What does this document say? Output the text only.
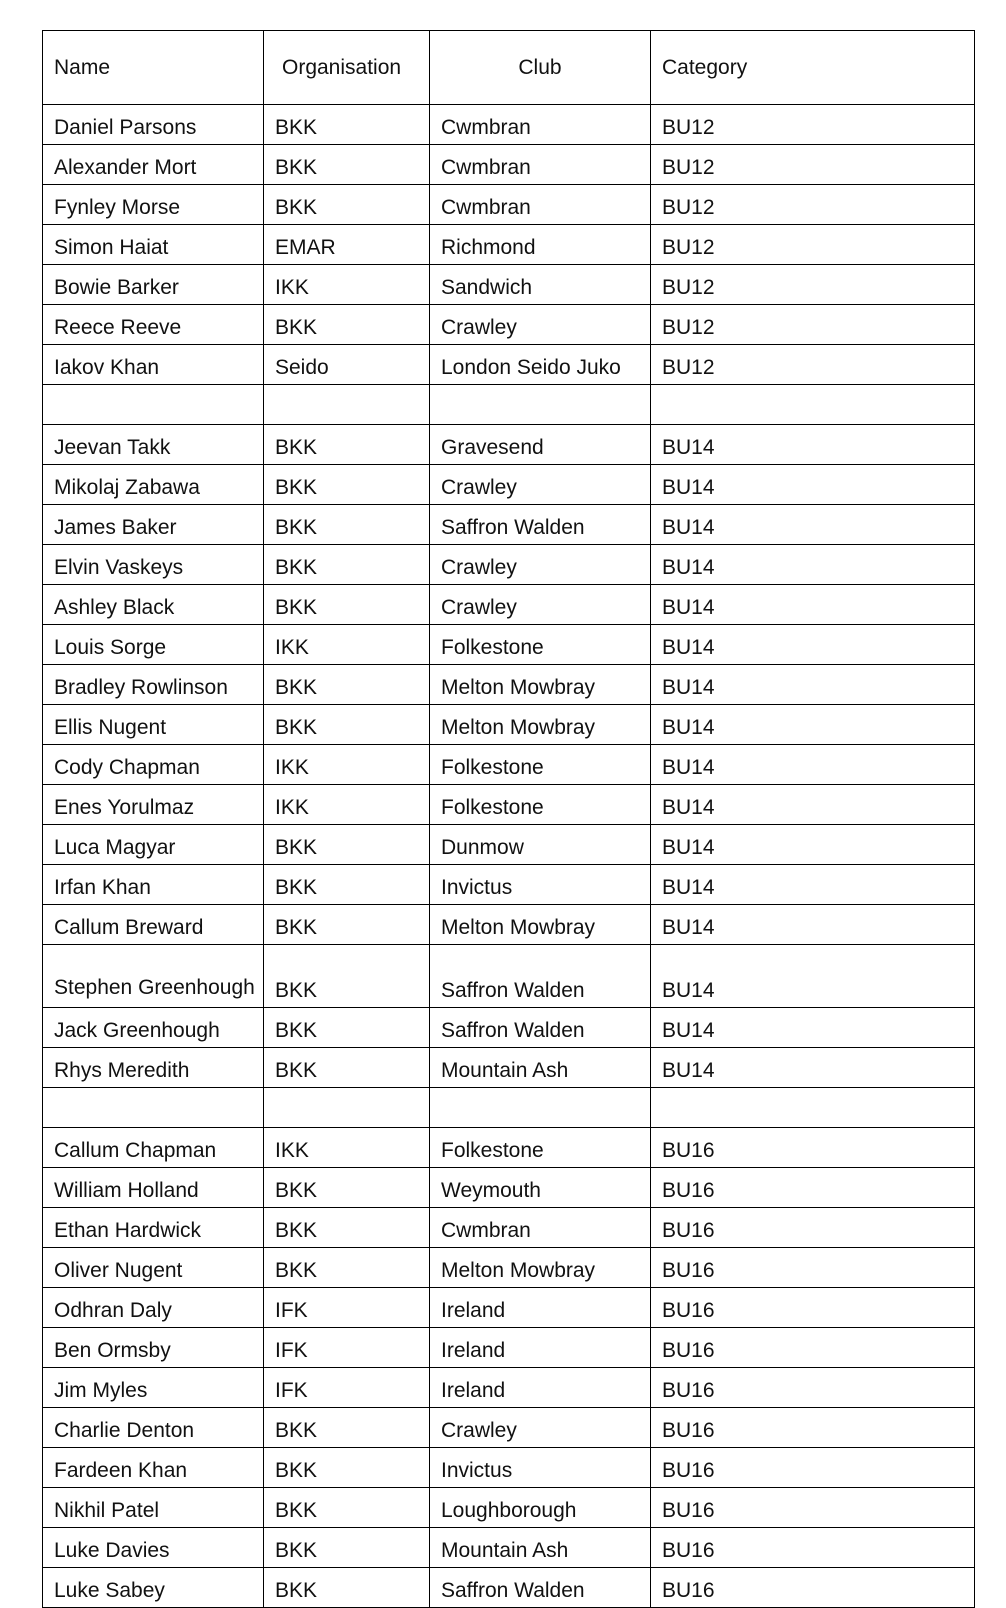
Name	Organisation	Club	Category
Daniel Parsons	BKK	Cwmbran	BU12
Alexander Mort	BKK	Cwmbran	BU12
Fynley Morse	BKK	Cwmbran	BU12
Simon Haiat	EMAR	Richmond	BU12
Bowie Barker	IKK	Sandwich	BU12
Reece Reeve	BKK	Crawley	BU12
Iakov Khan	Seido	London Seido Juko	BU12

Jeevan Takk	BKK	Gravesend	BU14
Mikolaj Zabawa	BKK	Crawley	BU14
James Baker	BKK	Saffron Walden	BU14
Elvin Vaskeys	BKK	Crawley	BU14
Ashley Black	BKK	Crawley	BU14
Louis Sorge	IKK	Folkestone	BU14
Bradley Rowlinson	BKK	Melton Mowbray	BU14
Ellis Nugent	BKK	Melton Mowbray	BU14
Cody Chapman	IKK	Folkestone	BU14
Enes Yorulmaz	IKK	Folkestone	BU14
Luca Magyar	BKK	Dunmow	BU14
Irfan Khan	BKK	Invictus	BU14
Callum Breward	BKK	Melton Mowbray	BU14
Stephen Greenhough	BKK	Saffron Walden	BU14
Jack Greenhough	BKK	Saffron Walden	BU14
Rhys Meredith	BKK	Mountain Ash	BU14

Callum Chapman	IKK	Folkestone	BU16
William Holland	BKK	Weymouth	BU16
Ethan Hardwick	BKK	Cwmbran	BU16
Oliver Nugent	BKK	Melton Mowbray	BU16
Odhran Daly	IFK	Ireland	BU16
Ben Ormsby	IFK	Ireland	BU16
Jim Myles	IFK	Ireland	BU16
Charlie Denton	BKK	Crawley	BU16
Fardeen Khan	BKK	Invictus	BU16
Nikhil Patel	BKK	Loughborough	BU16
Luke Davies	BKK	Mountain Ash	BU16
Luke Sabey	BKK	Saffron Walden	BU16
